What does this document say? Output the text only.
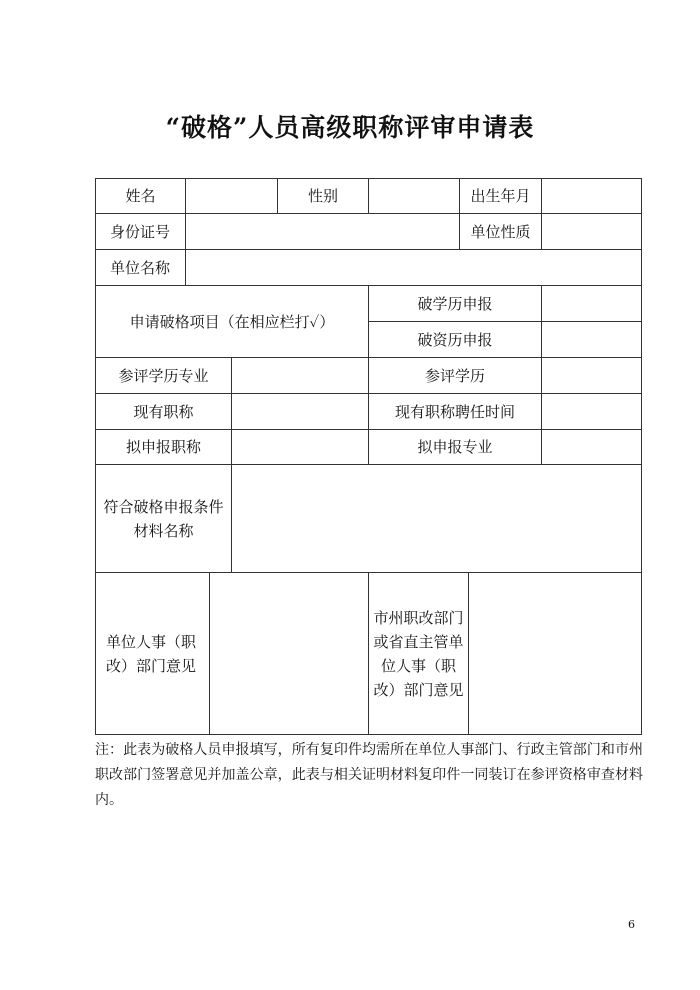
“破格”人员高级职称评审申请表
姓名				性别		出生年月		
身份证号						单位性质		
单位名称								
申请破格项目（在相应栏打✓）					破学历申报			
					破资历申报			
参评学历专业					参评学历			
现有职称					现有职称聘任时间			
拟申报职称					拟申报专业			
符合破格申报条件材料名称								
单位人事（职改）部门意见					市州职改部门或省直主管单位人事（职改）部门意见			
注：此表为破格人员申报填写，所有复印件均需所在单位人事部门、行政主管部门和市州职改部门签署意见并加盖公章，此表与相关证明材料复印件一同装订在参评资格审查材料内。
6
